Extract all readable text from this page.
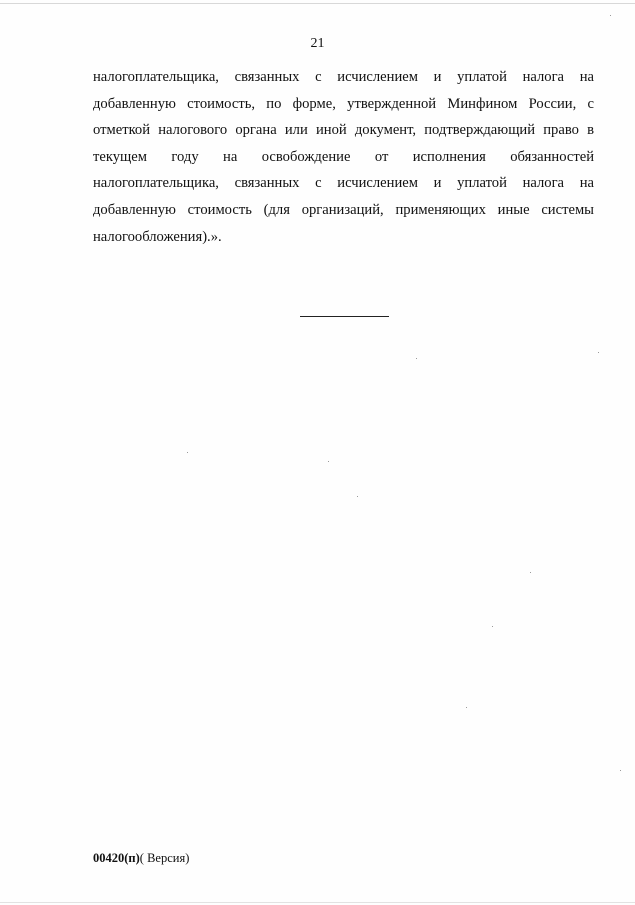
21
налогоплательщика, связанных с исчислением и уплатой налога на
добавленную стоимость, по форме, утвержденной Минфином России, с
отметкой налогового органа или иной документ, подтверждающий право в
текущем году на освобождение от исполнения обязанностей
налогоплательщика, связанных с исчислением и уплатой налога на
добавленную стоимость (для организаций, применяющих иные системы
налогообложения).».
00420(п)( Версия)
